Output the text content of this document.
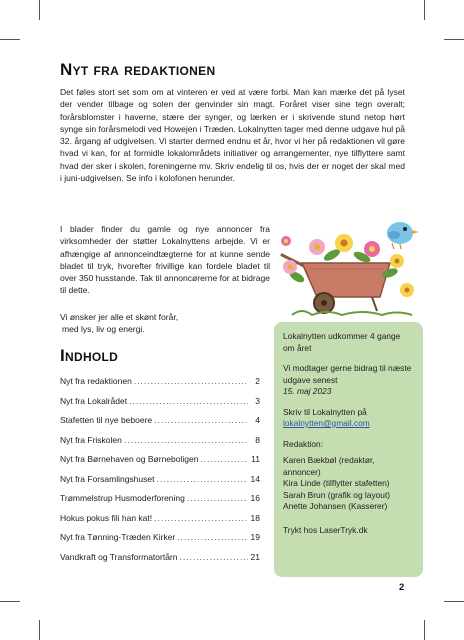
Nyt fra redaktionen

Det føles stort set som om at vinteren er ved at være forbi. Man kan mærke det på lyset der vender tilbage og solen der genvinder sin magt. Foråret viser sine tegn overalt; forårsblomster i haverne, stære der synger, og lærken er i skrivende stund netop hørt synge sin forårsmelodi ved Howejen i Træden. Lokalnytten tager med denne udgave hul på 32. årgang af udgivelsen. Vi starter dermed endnu et år, hvor vi her på redaktionen vil gøre hvad vi kan, for at formidle lokalområdets initiativer og arrangementer, nye tilflyttere samt hvad der sker i skolen, foreningerne mv. Skriv endelig til os, hvis der er noget der skal med i juni-udgivelsen. Se info i kolofonen herunder.

I blader finder du gamle og nye annoncer fra virksomheder der støtter Lokalnyttens arbejde. Vi er afhængige af annonceindtægterne for at kunne sende bladet til tryk, hvorefter frivillige kan fordele bladet til over 350 husstande. Tak til annoncørerne for at bidrage til dette.

Vi ønsker jer alle et skønt forår,
med lys, liv og energi.
Indhold
Nyt fra redaktionen .....	2
Nyt fra Lokalrådet .....	3
Stafetten til nye beboere .....	4
Nyt fra Friskolen .....	8
Nyt fra Børnehaven og Børneboligen .....	11
Nyt fra Forsamlingshuset .....	14
Trømmelstrup Husmoderforening .....	16
Hokus pokus fili han kat! .....	18
Nyt fra Tønning-Træden Kirker .....	19
Vandkraft og Transformatortårn .....	21

Lokalnytten udkommer 4 gange om året

Vi modtager gerne bidrag til næste udgave senest
15. maj 2023

Skriv til Lokalnytten på
lokalnytten@gmail.com

Redaktion:

Karen Bækbøl (redaktør, annoncer)
Kira Linde (tilflytter stafetten)
Sarah Brun (grafik og layout)
Anette Johansen (Kasserer)

Trykt hos LaserTryk.dk

2
